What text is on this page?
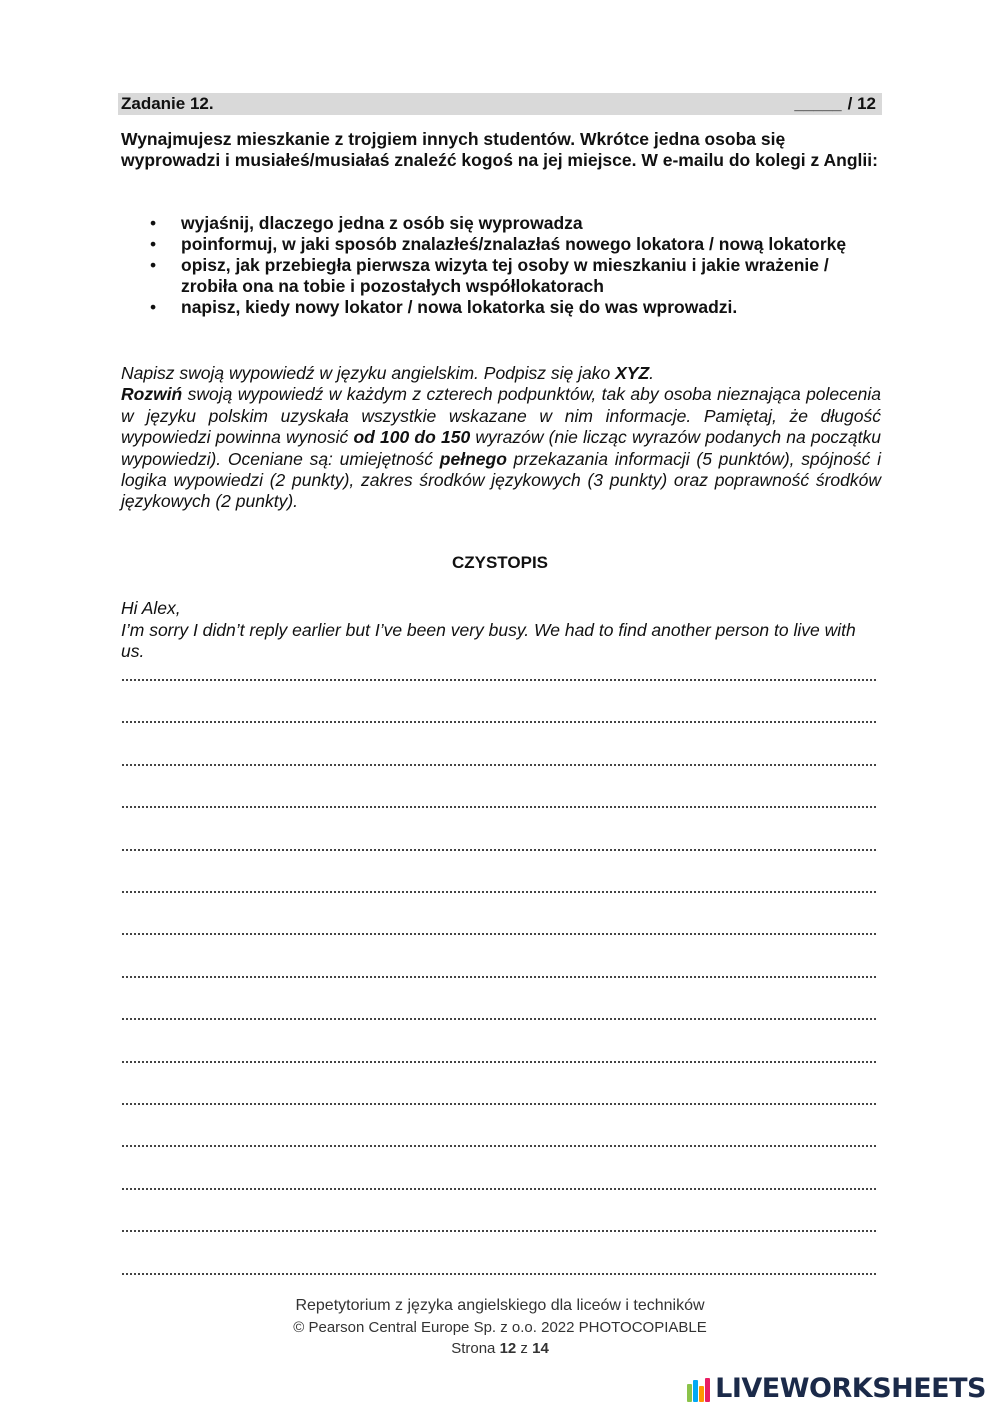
Zadanie 12.	_____ / 12

Wynajmujesz mieszkanie z trojgiem innych studentów. Wkrótce jedna osoba się wyprowadzi i musiałeś/musiałaś znaleźć kogoś na jej miejsce. W e-mailu do kolegi z Anglii:

• wyjaśnij, dlaczego jedna z osób się wyprowadza
• poinformuj, w jaki sposób znalazłeś/znalazłaś nowego lokatora / nową lokatorkę
• opisz, jak przebiegła pierwsza wizyta tej osoby w mieszkaniu i jakie wrażenie / zrobiła ona na tobie i pozostałych współlokatorach
• napisz, kiedy nowy lokator / nowa lokatorka się do was wprowadzi.
Napisz swoją wypowiedź w języku angielskim. Podpisz się jako XYZ.
Rozwiń swoją wypowiedź w każdym z czterech podpunktów, tak aby osoba nieznająca polecenia w języku polskim uzyskała wszystkie wskazane w nim informacje. Pamiętaj, że długość wypowiedzi powinna wynosić od 100 do 150 wyrazów (nie licząc wyrazów podanych na początku wypowiedzi). Oceniane są: umiejętność pełnego przekazania informacji (5 punktów), spójność i logika wypowiedzi (2 punkty), zakres środków językowych (3 punkty) oraz poprawność środków językowych (2 punkty).
CZYSTOPIS
Hi Alex,
I’m sorry I didn’t reply earlier but I’ve been very busy. We had to find another person to live with us.
Repetytorium z języka angielskiego dla liceów i techników
© Pearson Central Europe Sp. z o.o. 2022 PHOTOCOPIABLE
Strona 12 z 14
LIVEWORKSHEETS
